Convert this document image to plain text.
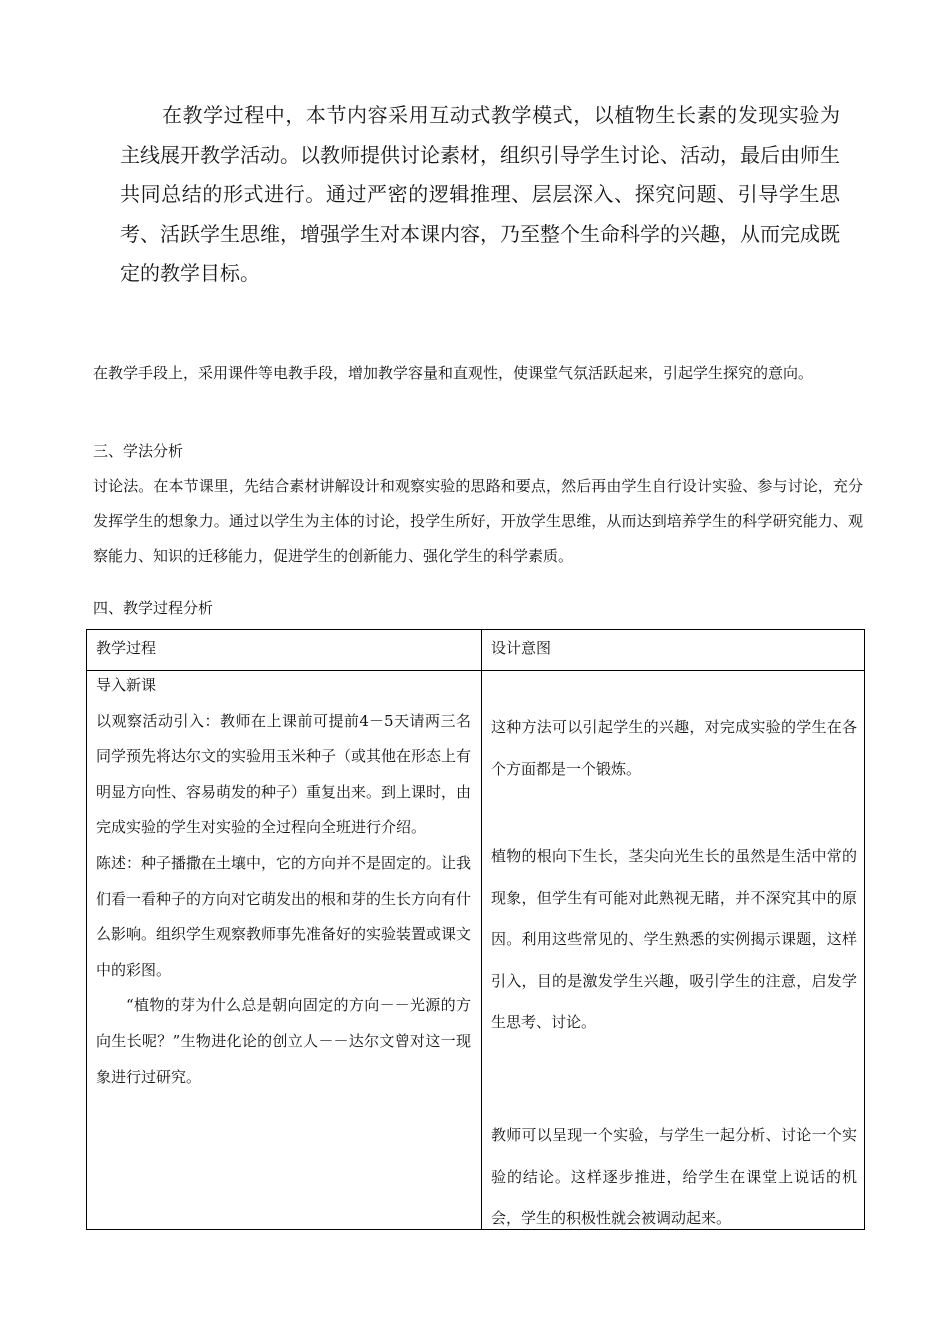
在教学过程中，本节内容采用互动式教学模式，以植物生长素的发现实验为主线展开教学活动。以教师提供讨论素材，组织引导学生讨论、活动，最后由师生共同总结的形式进行。通过严密的逻辑推理、层层深入、探究问题、引导学生思考、活跃学生思维，增强学生对本课内容，乃至整个生命科学的兴趣，从而完成既定的教学目标。

在教学手段上，采用课件等电教手段，增加教学容量和直观性，使课堂气氛活跃起来，引起学生探究的意向。

三、学法分析

讨论法。在本节课里，先结合素材讲解设计和观察实验的思路和要点，然后再由学生自行设计实验、参与讨论，充分发挥学生的想象力。通过以学生为主体的讨论，投学生所好，开放学生思维，从而达到培养学生的科学研究能力、观察能力、知识的迁移能力，促进学生的创新能力、强化学生的科学素质。

四、教学过程分析

教学过程	设计意图

导入新课

以观察活动引入：教师在上课前可提前4－5天请两三名同学预先将达尔文的实验用玉米种子（或其他在形态上有明显方向性、容易萌发的种子）重复出来。到上课时，由完成实验的学生对实验的全过程向全班进行介绍。

陈述：种子播撒在土壤中，它的方向并不是固定的。让我们看一看种子的方向对它萌发出的根和芽的生长方向有什么影响。组织学生观察教师事先准备好的实验装置或课文中的彩图。

“植物的芽为什么总是朝向固定的方向－－光源的方向生长呢？”生物进化论的创立人－－达尔文曾对这一现象进行过研究。

这种方法可以引起学生的兴趣，对完成实验的学生在各个方面都是一个锻炼。

植物的根向下生长，茎尖向光生长的虽然是生活中常的现象，但学生有可能对此熟视无睹，并不深究其中的原因。利用这些常见的、学生熟悉的实例揭示课题，这样引入，目的是激发学生兴趣，吸引学生的注意，启发学生思考、讨论。

教师可以呈现一个实验，与学生一起分析、讨论一个实验的结论。这样逐步推进，给学生在课堂上说话的机会，学生的积极性就会被调动起来。
